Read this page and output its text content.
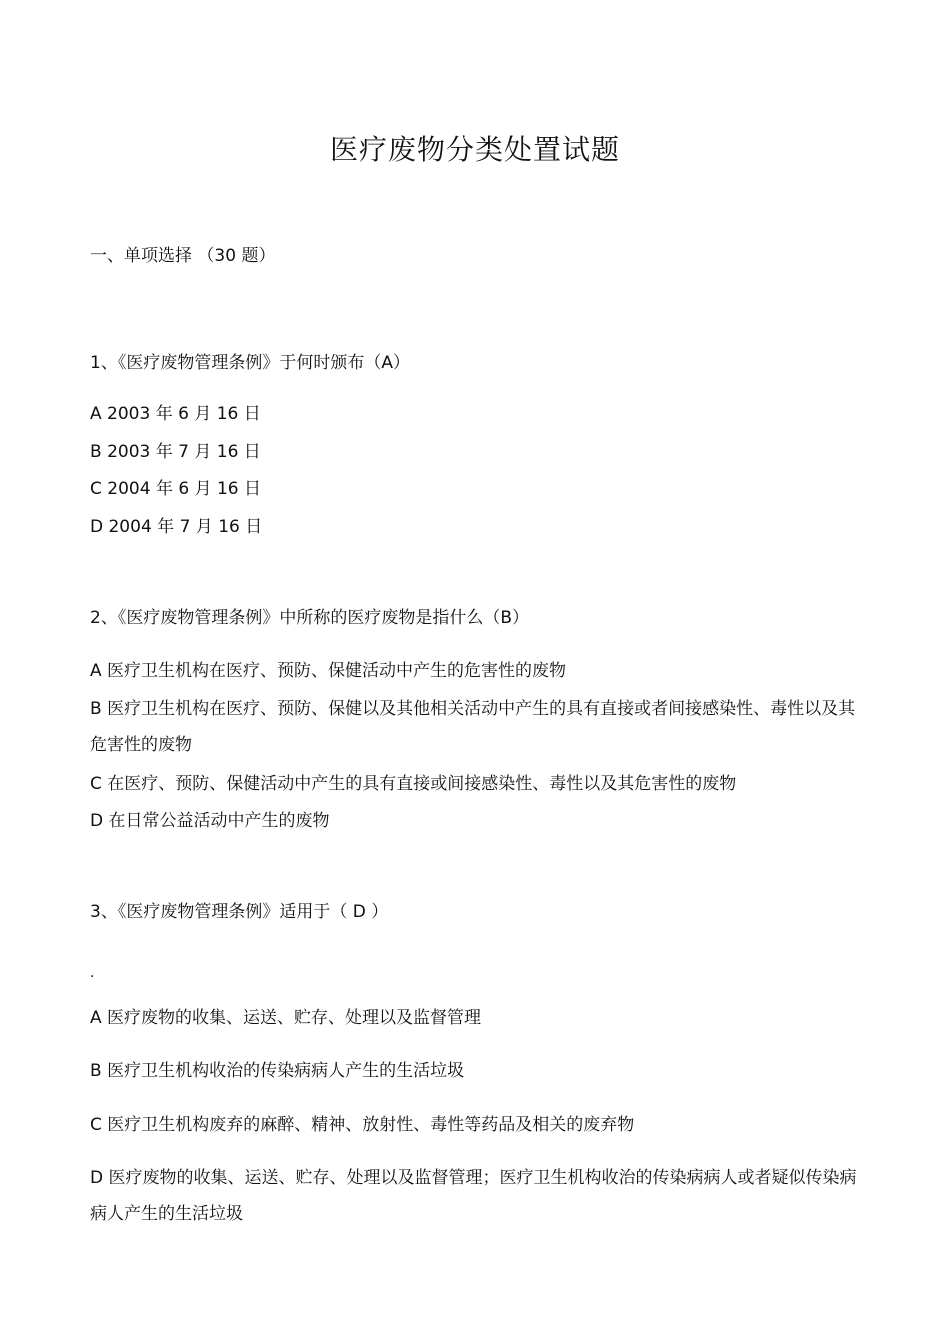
医疗废物分类处置试题

一、单项选择 （30 题）

1、《医疗废物管理条例》于何时颁布（A）

A 2003 年 6 月 16 日

B 2003 年 7 月 16 日

C 2004 年 6 月 16 日

D 2004 年 7 月 16 日

2、《医疗废物管理条例》中所称的医疗废物是指什么（B）

A 医疗卫生机构在医疗、预防、保健活动中产生的危害性的废物

B 医疗卫生机构在医疗、预防、保健以及其他相关活动中产生的具有直接或者间接感染性、毒性以及其危害性的废物

C 在医疗、预防、保健活动中产生的具有直接或间接感染性、毒性以及其危害性的废物

D 在日常公益活动中产生的废物

3、《医疗废物管理条例》适用于（ D ）

.

A 医疗废物的收集、运送、贮存、处理以及监督管理

B 医疗卫生机构收治的传染病病人产生的生活垃圾

C 医疗卫生机构废弃的麻醉、精神、放射性、毒性等药品及相关的废弃物

D 医疗废物的收集、运送、贮存、处理以及监督管理；医疗卫生机构收治的传染病病人或者疑似传染病病人产生的生活垃圾
